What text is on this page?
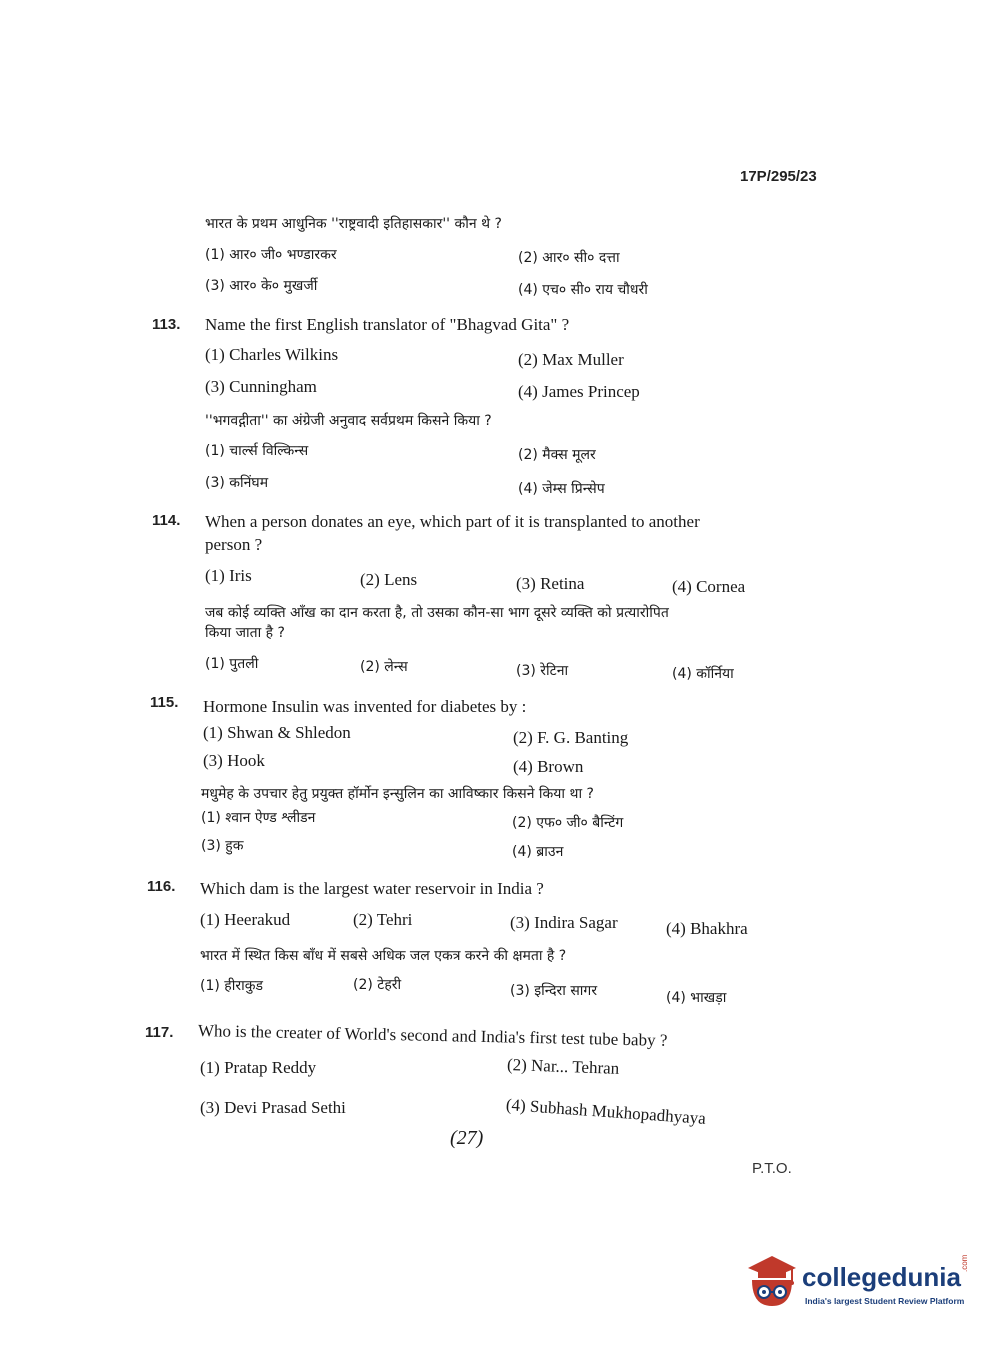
17P/295/23
भारत के प्रथम आधुनिक ''राष्ट्रवादी इतिहासकार'' कौन थे ?
(1) आर० जी० भण्डारकर	(2) आर० सी० दत्ता
(3) आर० के० मुखर्जी	(4) एच० सी० राय चौधरी
113. Name the first English translator of "Bhagvad Gita" ?
(1) Charles Wilkins	(2) Max Muller
(3) Cunningham	(4) James Princep
''भगवद्गीता'' का अंग्रेजी अनुवाद सर्वप्रथम किसने किया ?
(1) चार्ल्स विल्किन्स	(2) मैक्स मूलर
(3) कनिंघम	(4) जेम्स प्रिन्सेप
114. When a person donates an eye, which part of it is transplanted to another
person ?
(1) Iris	(2) Lens	(3) Retina	(4) Cornea
जब कोई व्यक्ति आँख का दान करता है, तो उसका कौन-सा भाग दूसरे व्यक्ति को प्रत्यारोपित
किया जाता है ?
(1) पुतली	(2) लेन्स	(3) रेटिना	(4) कॉर्निया
115. Hormone Insulin was invented for diabetes by :
(1) Shwan & Shledon	(2) F. G. Banting
(3) Hook	(4) Brown
मधुमेह के उपचार हेतु प्रयुक्त हॉर्मोन इन्सुलिन का आविष्कार किसने किया था ?
(1) श्वान ऐण्ड श्लीडन	(2) एफ० जी० बैन्टिंग
(3) हुक	(4) ब्राउन
116. Which dam is the largest water reservoir in India ?
(1) Heerakud	(2) Tehri	(3) Indira Sagar	(4) Bhakhra
भारत में स्थित किस बाँध में सबसे अधिक जल एकत्र करने की क्षमता है ?
(1) हीराकुड	(2) टेहरी	(3) इन्दिरा सागर	(4) भाखड़ा
117. Who is the creater of World's second and India's first test tube baby ?
(1) Pratap Reddy	(2) Nar... Tehran
(3) Devi Prasad Sethi	(4) Subhash Mukhopadhyaya
(27)
P.T.O.
collegedunia .com
India's largest Student Review Platform
